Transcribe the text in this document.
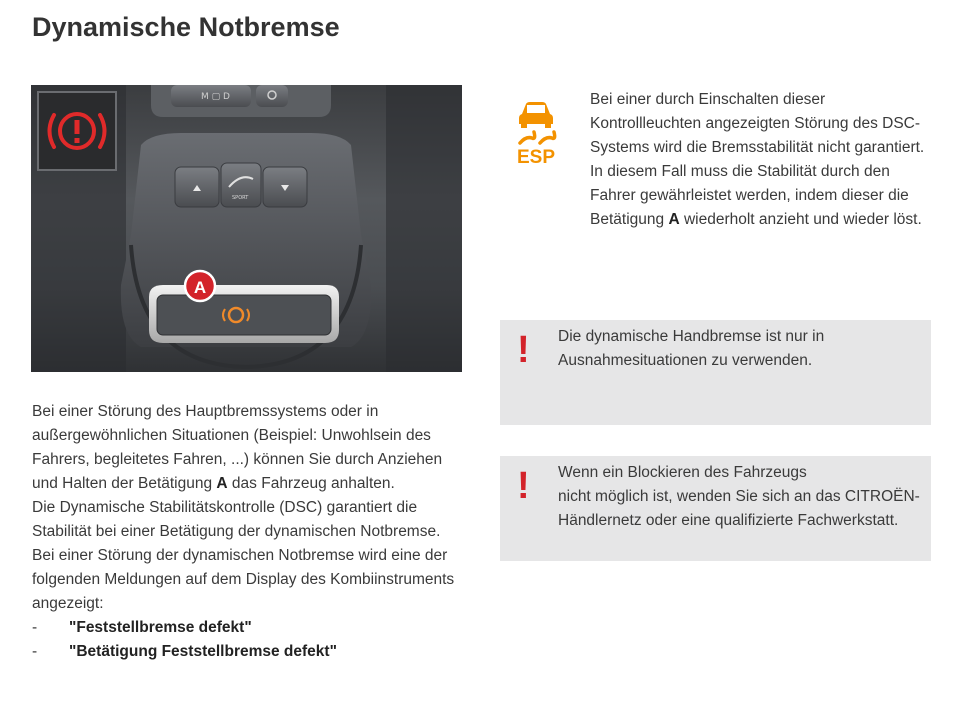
Dynamische Notbremse
M ▢ D
SPORT
A
ESP
Bei einer durch Einschalten dieser Kontrollleuchten angezeigten Störung des DSC-Systems wird die Bremsstabilität nicht garantiert. In diesem Fall muss die Stabilität durch den Fahrer gewährleistet werden, indem dieser die Betätigung A wiederholt anzieht und wieder löst.
! Die dynamische Handbremse ist nur in Ausnahmesituationen zu verwenden.
! Wenn ein Blockieren des Fahrzeugs
nicht möglich ist, wenden Sie sich an das CITROËN-Händlernetz oder eine qualifizierte Fachwerkstatt.

Bei einer Störung des Hauptbremssystems oder in außergewöhnlichen Situationen (Beispiel: Unwohlsein des Fahrers, begleitetes Fahren, ...) können Sie durch Anziehen und Halten der Betätigung A das Fahrzeug anhalten.

Die Dynamische Stabilitätskontrolle (DSC) garantiert die Stabilität bei einer Betätigung der dynamischen Notbremse.

Bei einer Störung der dynamischen Notbremse wird eine der folgenden Meldungen auf dem Display des Kombiinstruments angezeigt:

-	"Feststellbremse defekt"
-	"Betätigung Feststellbremse defekt"
